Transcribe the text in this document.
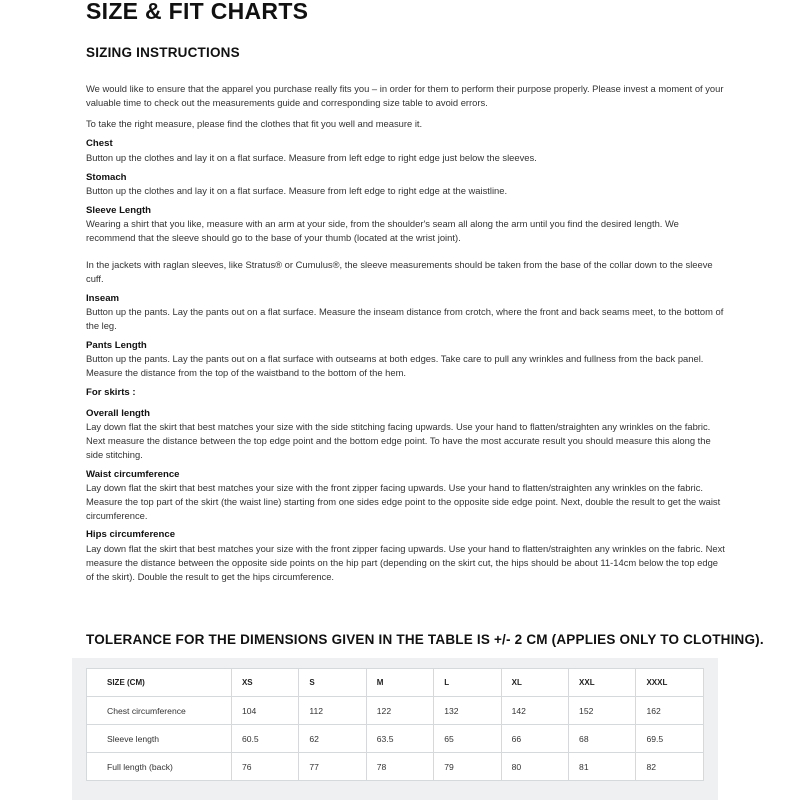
SIZE & FIT CHARTS
SIZING INSTRUCTIONS

We would like to ensure that the apparel you purchase really fits you – in order for them to perform their purpose properly. Please invest a moment of your valuable time to check out the measurements guide and corresponding size table to avoid errors.

To take the right measure, please find the clothes that fit you well and measure it.

Chest

Button up the clothes and lay it on a flat surface. Measure from left edge to right edge just below the sleeves.

Stomach

Button up the clothes and lay it on a flat surface. Measure from left edge to right edge at the waistline.

Sleeve Length

Wearing a shirt that you like, measure with an arm at your side, from the shoulder's seam all along the arm until you find the desired length. We recommend that the sleeve should go to the base of your thumb (located at the wrist joint).

In the jackets with raglan sleeves, like Stratus® or Cumulus®, the sleeve measurements should be taken from the base of the collar down to the sleeve cuff.

Inseam

Button up the pants. Lay the pants out on a flat surface. Measure the inseam distance from crotch, where the front and back seams meet, to the bottom of the leg.

Pants Length

Button up the pants. Lay the pants out on a flat surface with outseams at both edges. Take care to pull any wrinkles and fullness from the back panel. Measure the distance from the top of the waistband to the bottom of the hem.

For skirts :
Overall length

Lay down flat the skirt that best matches your size with the side stitching facing upwards. Use your hand to flatten/straighten any wrinkles on the fabric. Next measure the distance between the top edge point and the bottom edge point. To have the most accurate result you should measure this along the side stitching.

Waist circumference

Lay down flat the skirt that best matches your size with the front zipper facing upwards. Use your hand to flatten/straighten any wrinkles on the fabric. Measure the top part of the skirt (the waist line) starting from one sides edge point to the opposite side edge point. Next, double the result to get the waist circumference.

Hips circumference

Lay down flat the skirt that best matches your size with the front zipper facing upwards. Use your hand to flatten/straighten any wrinkles on the fabric. Next measure the distance between the opposite side points on the hip part (depending on the skirt cut, the hips should be about 11-14cm below the top edge of the skirt). Double the result to get the hips circumference.

TOLERANCE FOR THE DIMENSIONS GIVEN IN THE TABLE IS +/- 2 CM (APPLIES ONLY TO CLOTHING).
SIZE (CM)	XS	S	M	L	XL	XXL	XXXL
Chest circumference	104	112	122	132	142	152	162
Sleeve length	60.5	62	63.5	65	66	68	69.5
Full length (back)	76	77	78	79	80	81	82
